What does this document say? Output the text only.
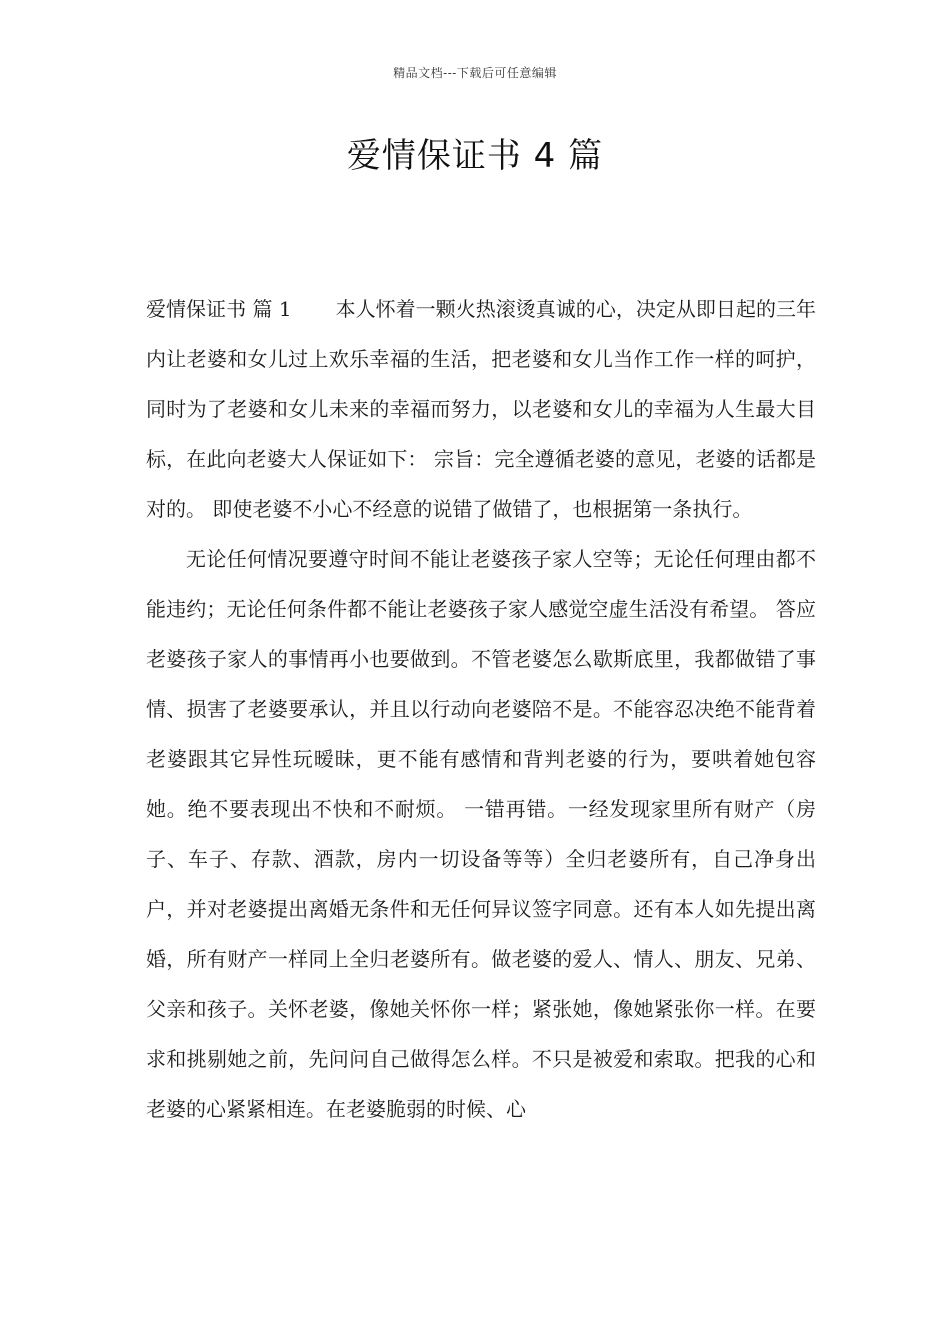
精品文档---下载后可任意编辑
爱情保证书 4 篇

爱情保证书 篇 1 本人怀着一颗火热滚烫真诚的心，决定从即日起的三年内让老婆和女儿过上欢乐幸福的生活，把老婆和女儿当作工作一样的呵护，同时为了老婆和女儿未来的幸福而努力，以老婆和女儿的幸福为人生最大目标，在此向老婆大人保证如下： 宗旨：完全遵循老婆的意见，老婆的话都是对的。 即使老婆不小心不经意的说错了做错了，也根据第一条执行。

无论任何情况要遵守时间不能让老婆孩子家人空等；无论任何理由都不能违约；无论任何条件都不能让老婆孩子家人感觉空虚生活没有希望。 答应老婆孩子家人的事情再小也要做到。不管老婆怎么歇斯底里，我都做错了事情、损害了老婆要承认，并且以行动向老婆陪不是。不能容忍决绝不能背着老婆跟其它异性玩暧昧，更不能有感情和背判老婆的行为，要哄着她包容她。绝不要表现出不快和不耐烦。 一错再错。一经发现家里所有财产（房子、车子、存款、酒款，房内一切设备等等）全归老婆所有，自己净身出户，并对老婆提出离婚无条件和无任何异议签字同意。还有本人如先提出离婚，所有财产一样同上全归老婆所有。做老婆的爱人、情人、朋友、兄弟、父亲和孩子。关怀老婆，像她关怀你一样；紧张她，像她紧张你一样。在要求和挑剔她之前，先问问自己做得怎么样。不只是被爱和索取。把我的心和老婆的心紧紧相连。在老婆脆弱的时候、心
